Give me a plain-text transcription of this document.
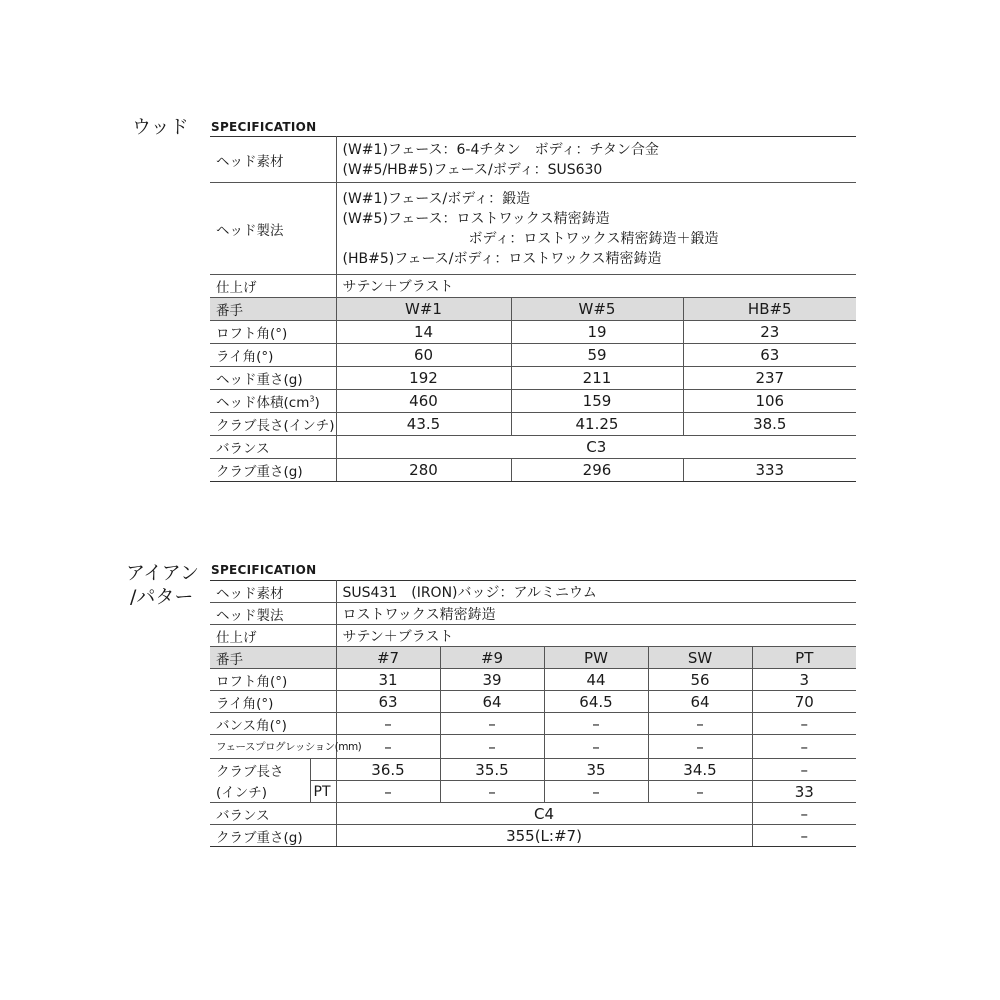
ウッド SPECIFICATION
ヘッド素材	(W#1)フェース：6-4チタン　ボディ：チタン合金
(W#5/HB#5)フェース/ボディ：SUS630		

ヘッド製法	(W#1)フェース/ボディ：鍛造
(W#5)フェース：ロストワックス精密鋳造
ボディ：ロストワックス精密鋳造＋鍛造
(HB#5)フェース/ボディ：ロストワックス精密鋳造		

仕上げ	サテン＋ブラスト		
番手	W#1	W#5	HB#5
ロフト角(°)	14	19	23
ライ角(°)	60	59	63
ヘッド重さ(g)	192	211	237
ヘッド体積$(cm^3)$	460	159	106
クラブ長さ(インチ)	43.5	41.25	38.5
バランス	C3		
クラブ重さ(g)	280	296	333
アイアン
/パター
SPECIFICATION
ヘッド素材		SUS431　(IRON)バッジ：アルミニウム				
ヘッド製法		ロストワックス精密鋳造				
仕上げ		サテン＋ブラスト				
番手		#7	#9	PW	SW	PT
ロフト角(°)		31	39	44	56	3
ライ角(°)		63	64	64.5	64	70
バンス角(°)		–	–	–	–	–
フェースプログレッション(mm)		–	–	–	–	–
クラブ長さ		36.5	35.5	35	34.5	–
(インチ)	PT	–	–	–	–	33
バランス		C4				–
クラブ重さ(g)		355(L:#7)				–
